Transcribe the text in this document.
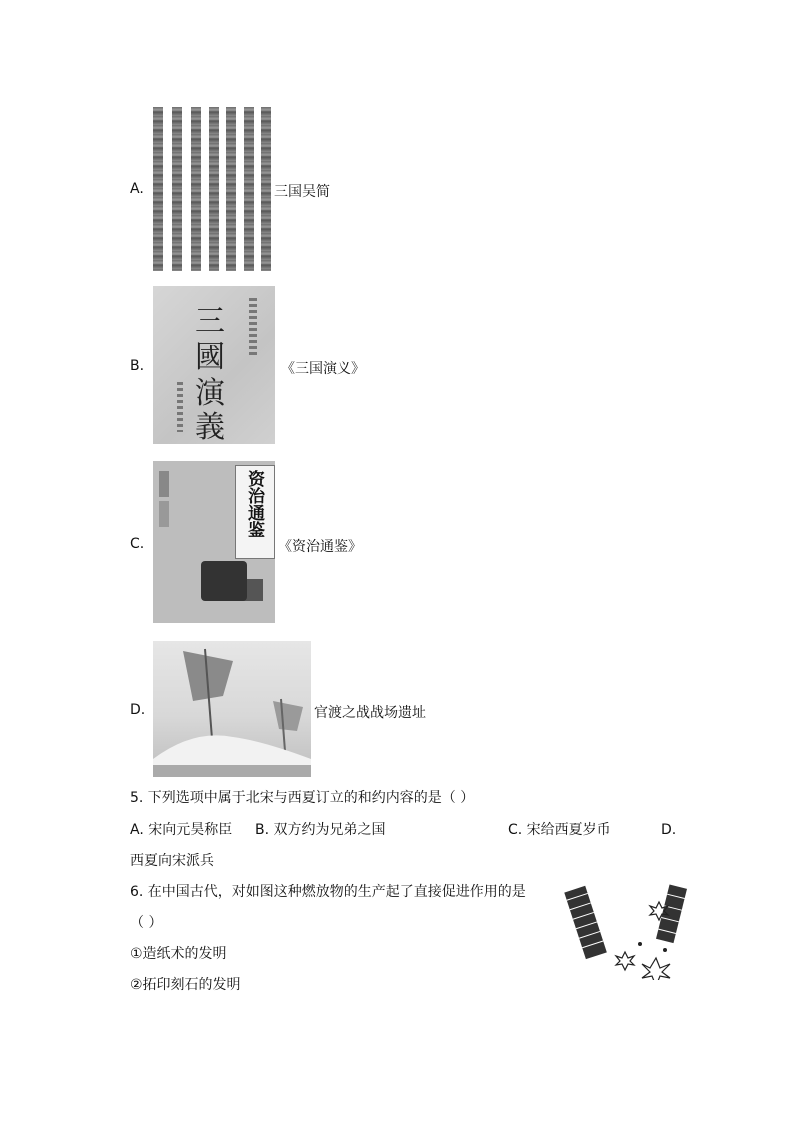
A.	三国吴简
B.
三
國
演
義
《三国演义》
C.
资治通鉴
《资治通鉴》
D.	官渡之战战场遗址
5. 下列选项中属于北宋与西夏订立的和约内容的是（ ）
A. 宋向元昊称臣 B. 双方约为兄弟之国	C. 宋给西夏岁币	D.
西夏向宋派兵
6. 在中国古代，对如图这种燃放物的生产起了直接促进作用的是
（ ）
①造纸术的发明
②拓印刻石的发明
